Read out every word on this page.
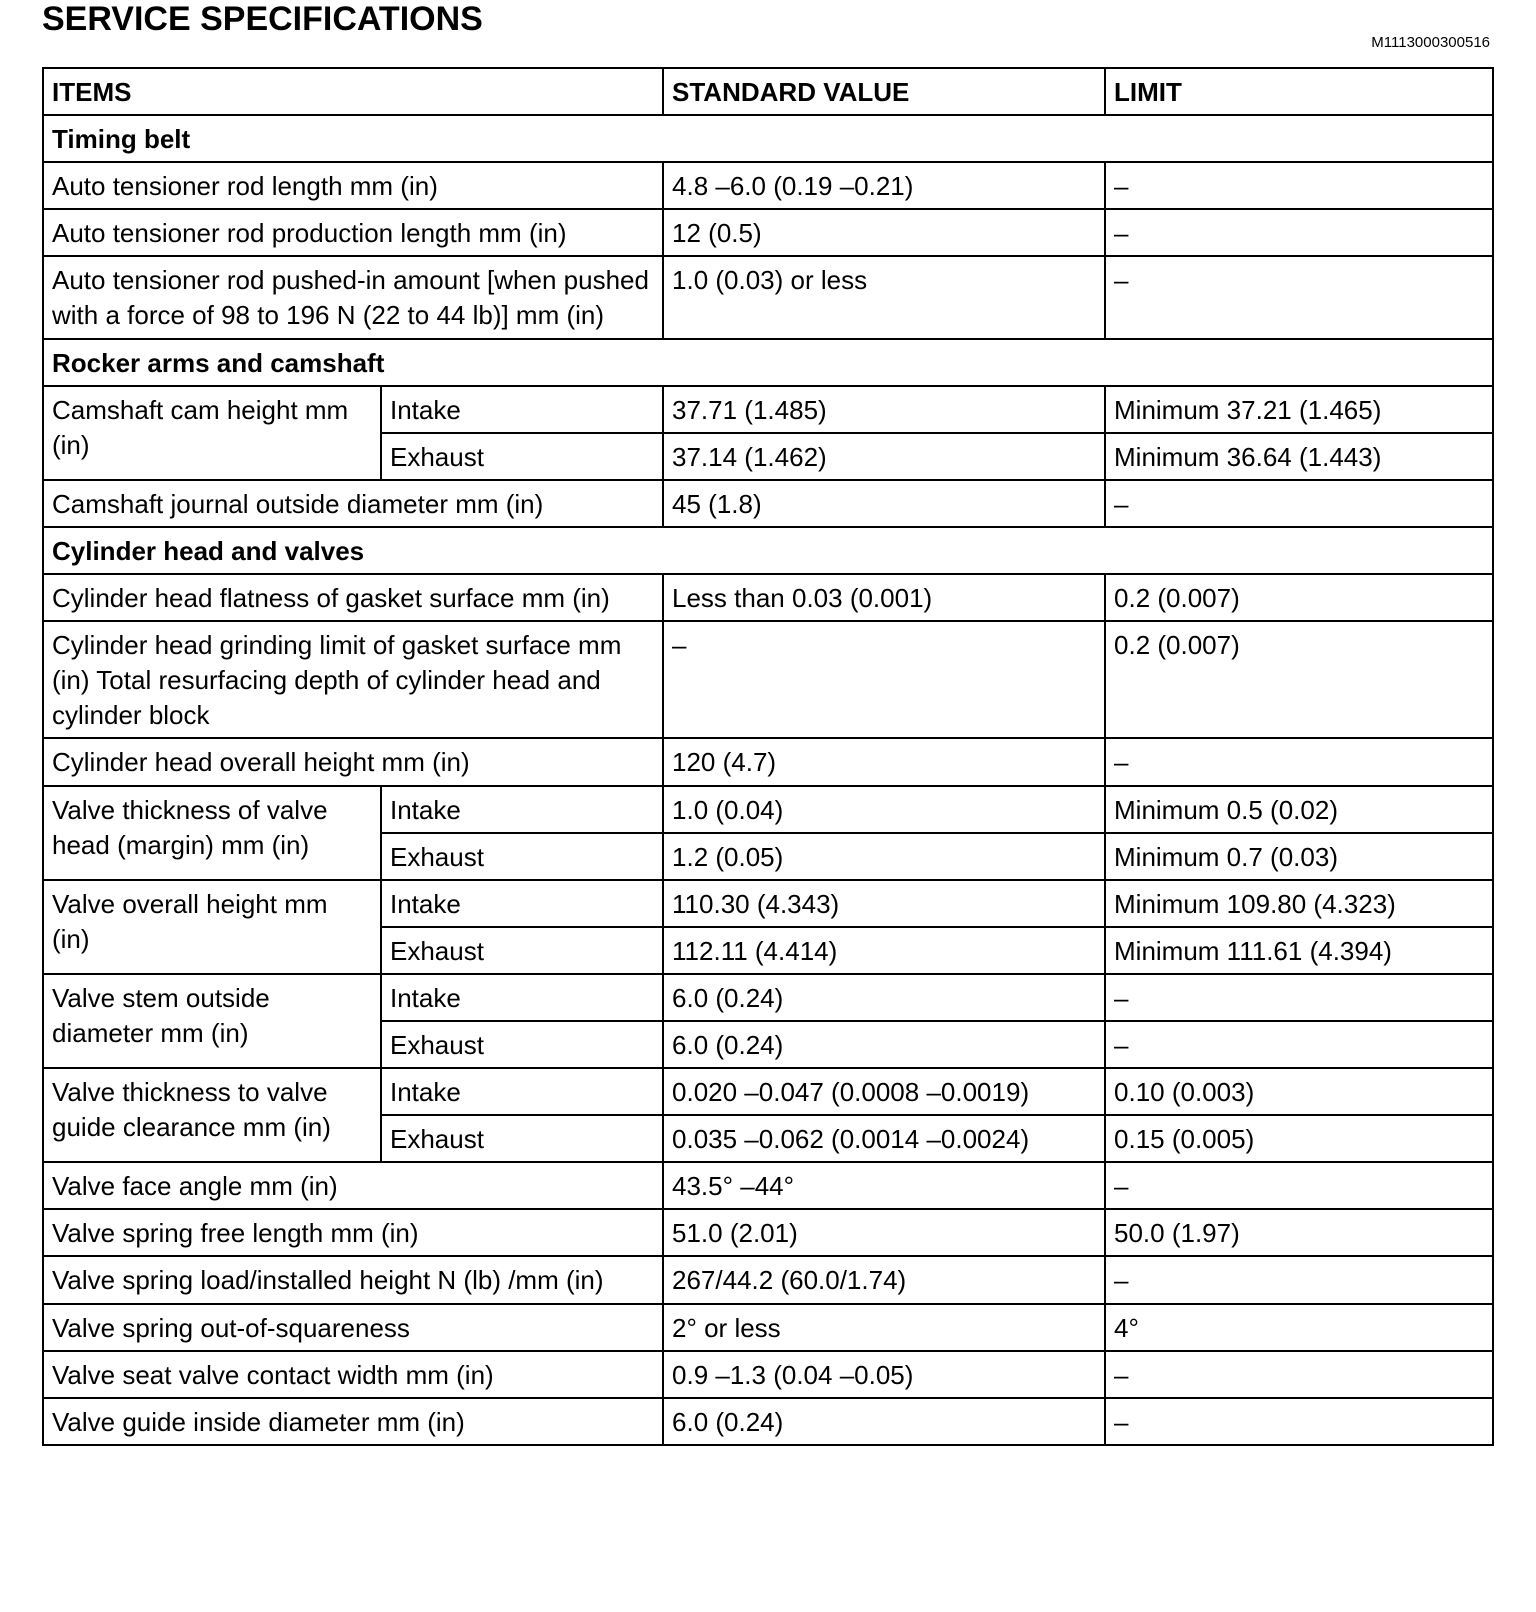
SERVICE SPECIFICATIONS
M1113000300516
ITEMS		STANDARD VALUE	LIMIT
Timing belt			
Auto tensioner rod length mm (in)		4.8 –6.0 (0.19 –0.21)	–
Auto tensioner rod production length mm (in)		12 (0.5)	–
Auto tensioner rod pushed-in amount [when pushed with a force of 98 to 196 N (22 to 44 lb)] mm (in)		1.0 (0.03) or less	–
Rocker arms and camshaft			
Camshaft cam height mm (in)	Intake	37.71 (1.485)	Minimum 37.21 (1.465)
	Exhaust	37.14 (1.462)	Minimum 36.64 (1.443)
Camshaft journal outside diameter mm (in)		45 (1.8)	–
Cylinder head and valves			
Cylinder head flatness of gasket surface mm (in)		Less than 0.03 (0.001)	0.2 (0.007)
Cylinder head grinding limit of gasket surface mm (in) Total resurfacing depth of cylinder head and cylinder block		–	0.2 (0.007)
Cylinder head overall height mm (in)		120 (4.7)	–
Valve thickness of valve head (margin) mm (in)	Intake	1.0 (0.04)	Minimum 0.5 (0.02)
	Exhaust	1.2 (0.05)	Minimum 0.7 (0.03)
Valve overall height mm (in)	Intake	110.30 (4.343)	Minimum 109.80 (4.323)
	Exhaust	112.11 (4.414)	Minimum 111.61 (4.394)
Valve stem outside diameter mm (in)	Intake	6.0 (0.24)	–
	Exhaust	6.0 (0.24)	–
Valve thickness to valve guide clearance mm (in)	Intake	0.020 –0.047 (0.0008 –0.0019)	0.10 (0.003)
	Exhaust	0.035 –0.062 (0.0014 –0.0024)	0.15 (0.005)
Valve face angle mm (in)		43.5° –44°	–
Valve spring free length mm (in)		51.0 (2.01)	50.0 (1.97)
Valve spring load/installed height N (lb) /mm (in)		267/44.2 (60.0/1.74)	–
Valve spring out-of-squareness		2° or less	4°
Valve seat valve contact width mm (in)		0.9 –1.3 (0.04 –0.05)	–
Valve guide inside diameter mm (in)		6.0 (0.24)	–
